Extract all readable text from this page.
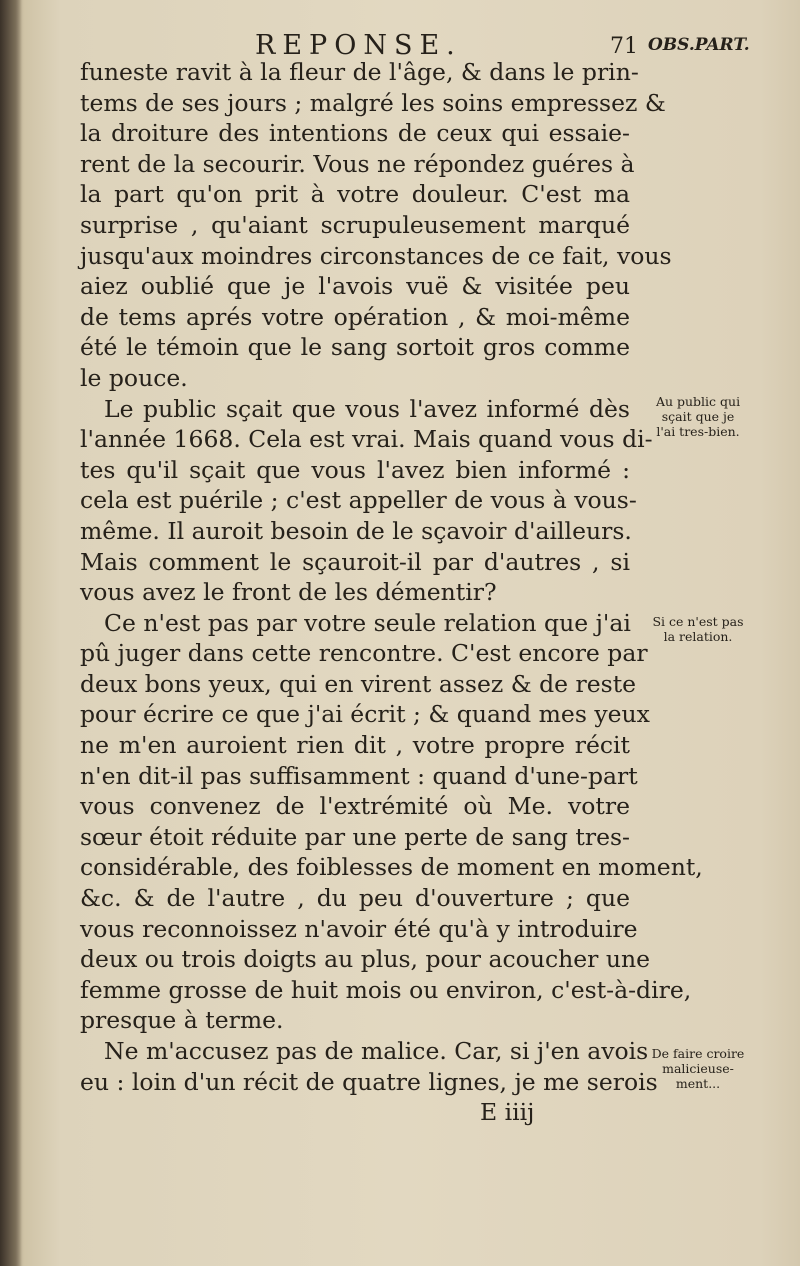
REPONSE.	71 OBS.PART.
funeste ravit à la fleur de l'âge, & dans le prin-
tems de ses jours ; malgré les soins empressez &
la droiture des intentions de ceux qui essaie-
rent de la secourir. Vous ne répondez guéres à
la part qu'on prit à votre douleur. C'est ma
surprise , qu'aiant scrupuleusement marqué
jusqu'aux moindres circonstances de ce fait, vous
aiez oublié que je l'avois vuë & visitée peu
de tems aprés votre opération , & moi-même
été le témoin que le sang sortoit gros comme
le pouce.
Le public sçait que vous l'avez informé dès
l'année 1668. Cela est vrai. Mais quand vous di-
tes qu'il sçait que vous l'avez bien informé :
cela est puérile ; c'est appeller de vous à vous-
même. Il auroit besoin de le sçavoir d'ailleurs.
Mais comment le sçauroit-il par d'autres , si
vous avez le front de les démentir?
Ce n'est pas par votre seule relation que j'ai
pû juger dans cette rencontre. C'est encore par
deux bons yeux, qui en virent assez & de reste
pour écrire ce que j'ai écrit ; & quand mes yeux
ne m'en auroient rien dit , votre propre récit
n'en dit-il pas suffisamment : quand d'une-part
vous convenez de l'extrémité où Me. votre
sœur étoit réduite par une perte de sang tres-
considérable, des foiblesses de moment en moment,
&c. & de l'autre , du peu d'ouverture ; que
vous reconnoissez n'avoir été qu'à y introduire
deux ou trois doigts au plus, pour acoucher une
femme grosse de huit mois ou environ, c'est-à-dire,
presque à terme.
Ne m'accusez pas de malice. Car, si j'en avois
eu : loin d'un récit de quatre lignes, je me serois
E iiij
Au public qui
sçait que je
l'ai tres-bien.
Si ce n'est pas
la relation.
De faire croire
malicieuse-
ment...
